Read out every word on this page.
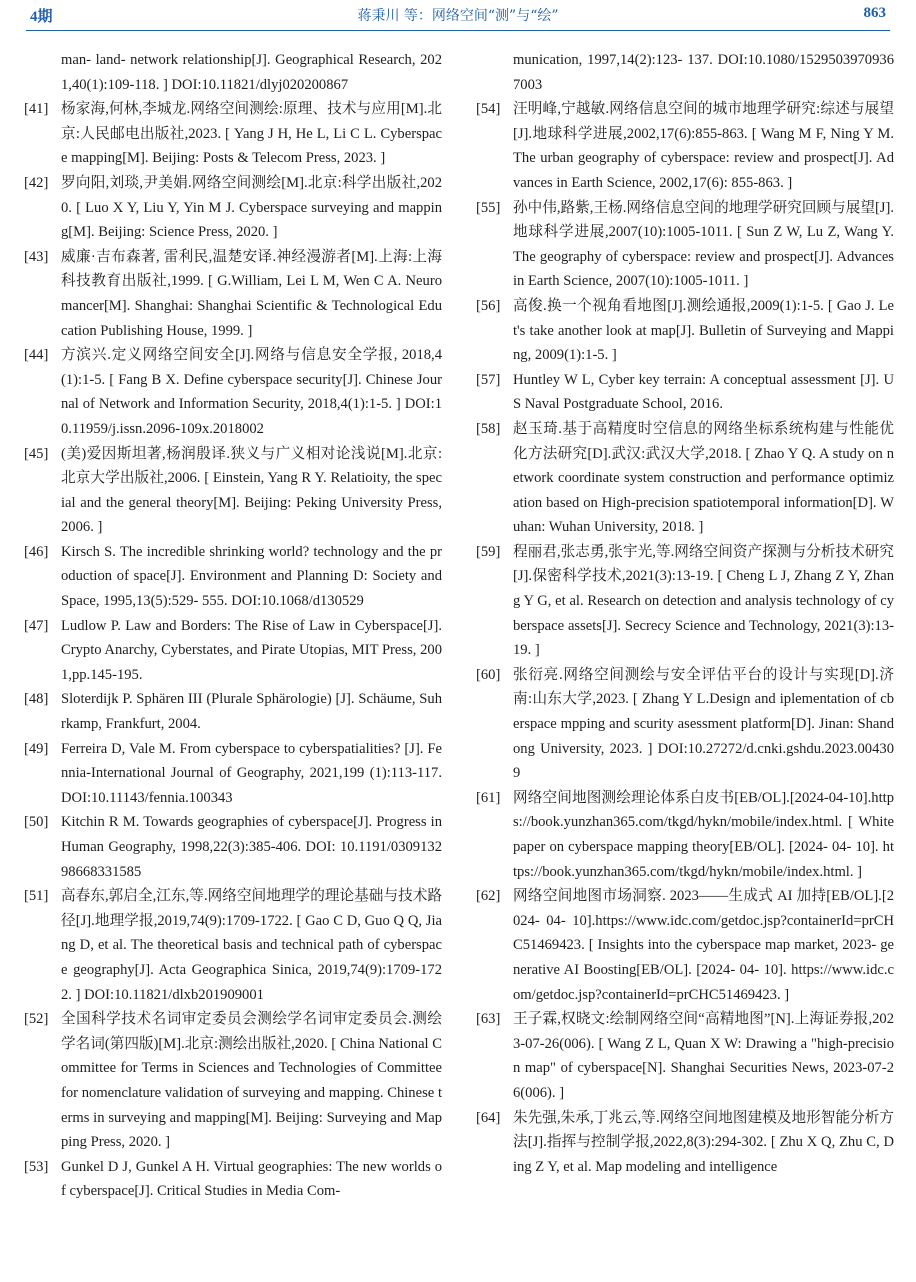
4期	蒋秉川 等：网络空间“测”与“绘”	863
man- land- network relationship[J]. Geographical Research, 2021,40(1):109-118. ] DOI:10.11821/dlyj020200867
[41] 杨家海,何林,李城龙.网络空间测绘:原理、技术与应用[M].北京:人民邮电出版社,2023. [ Yang J H, He L, Li C L. Cyberspace mapping[M]. Beijing: Posts & Telecom Press, 2023. ]
[42] 罗向阳,刘琰,尹美娟.网络空间测绘[M].北京:科学出版社,2020. [ Luo X Y, Liu Y, Yin M J. Cyberspace surveying and mapping[M]. Beijing: Science Press, 2020. ]
[43] 威廉·吉布森著, 雷利民,温楚安译.神经漫游者[M].上海:上海科技教育出版社,1999. [ G.William, Lei L M, Wen C A. Neuromancer[M]. Shanghai: Shanghai Scientific & Technological Education Publishing House, 1999. ]
[44] 方滨兴.定义网络空间安全[J].网络与信息安全学报, 2018,4(1):1-5. [ Fang B X. Define cyberspace security[J]. Chinese Journal of Network and Information Security, 2018,4(1):1-5. ] DOI:10.11959/j.issn.2096-109x.2018002
[45] (美)爱因斯坦著,杨润殷译.狭义与广义相对论浅说[M].北京:北京大学出版社,2006. [ Einstein, Yang R Y. Relatioity, the special and the general theory[M]. Beijing: Peking University Press, 2006. ]
[46] Kirsch S. The incredible shrinking world? technology and the production of space[J]. Environment and Planning D: Society and Space, 1995,13(5):529- 555. DOI:10.1068/d130529
[47] Ludlow P. Law and Borders: The Rise of Law in Cyberspace[J]. Crypto Anarchy, Cyberstates, and Pirate Utopias, MIT Press, 2001,pp.145-195.
[48] Sloterdijk P. Sphären III (Plurale Sphärologie) [J]. Schäume, Suhrkamp, Frankfurt, 2004.
[49] Ferreira D, Vale M. From cyberspace to cyberspatialities? [J]. Fennia-International Journal of Geography, 2021,199 (1):113-117. DOI:10.11143/fennia.100343
[50] Kitchin R M. Towards geographies of cyberspace[J]. Progress in Human Geography, 1998,22(3):385-406. DOI: 10.1191/030913298668331585
[51] 高春东,郭启全,江东,等.网络空间地理学的理论基础与技术路径[J].地理学报,2019,74(9):1709-1722. [ Gao C D, Guo Q Q, Jiang D, et al. The theoretical basis and technical path of cyberspace geography[J]. Acta Geographica Sinica, 2019,74(9):1709-1722. ] DOI:10.11821/dlxb201909001
[52] 全国科学技术名词审定委员会测绘学名词审定委员会.测绘学名词(第四版)[M].北京:测绘出版社,2020. [ China National Committee for Terms in Sciences and Technologies of Committee for nomenclature validation of surveying and mapping. Chinese terms in surveying and mapping[M]. Beijing: Surveying and Mapping Press, 2020. ]
[53] Gunkel D J, Gunkel A H. Virtual geographies: The new worlds of cyberspace[J]. Critical Studies in Media Com-
munication, 1997,14(2):123- 137. DOI:10.1080/15295039709367003
[54] 汪明峰,宁越敏.网络信息空间的城市地理学研究:综述与展望[J].地球科学进展,2002,17(6):855-863. [ Wang M F, Ning Y M. The urban geography of cyberspace: review and prospect[J]. Advances in Earth Science, 2002,17(6): 855-863. ]
[55] 孙中伟,路紫,王杨.网络信息空间的地理学研究回顾与展望[J].地球科学进展,2007(10):1005-1011. [ Sun Z W, Lu Z, Wang Y. The geography of cyberspace: review and prospect[J]. Advances in Earth Science, 2007(10):1005-1011. ]
[56] 高俊.换一个视角看地图[J].测绘通报,2009(1):1-5. [ Gao J. Let's take another look at map[J]. Bulletin of Surveying and Mapping, 2009(1):1-5. ]
[57] Huntley W L, Cyber key terrain: A conceptual assessment [J]. US Naval Postgraduate School, 2016.
[58] 赵玉琦.基于高精度时空信息的网络坐标系统构建与性能优化方法研究[D].武汉:武汉大学,2018. [ Zhao Y Q. A study on network coordinate system construction and performance optimization based on High-precision spatiotemporal information[D]. Wuhan: Wuhan University, 2018. ]
[59] 程丽君,张志勇,张宇光,等.网络空间资产探测与分析技术研究[J].保密科学技术,2021(3):13-19. [ Cheng L J, Zhang Z Y, Zhang Y G, et al. Research on detection and analysis technology of cyberspace assets[J]. Secrecy Science and Technology, 2021(3):13-19. ]
[60] 张衍亮.网络空间测绘与安全评估平台的设计与实现[D].济南:山东大学,2023. [ Zhang Y L.Design and iplementation of cberspace mpping and scurity asessment platform[D]. Jinan: Shandong University, 2023. ] DOI:10.27272/d.cnki.gshdu.2023.004309
[61] 网络空间地图测绘理论体系白皮书[EB/OL].[2024-04-10].https://book.yunzhan365.com/tkgd/hykn/mobile/index.html. [ White paper on cyberspace mapping theory[EB/OL]. [2024- 04- 10]. https://book.yunzhan365.com/tkgd/hykn/mobile/index.html. ]
[62] 网络空间地图市场洞察. 2023——生成式 AI 加持[EB/OL].[2024- 04- 10].https://www.idc.com/getdoc.jsp?containerId=prCHC51469423. [ Insights into the cyberspace map market, 2023- generative AI Boosting[EB/OL]. [2024- 04- 10]. https://www.idc.com/getdoc.jsp?containerId=prCHC51469423. ]
[63] 王子霖,权晓文:绘制网络空间“高精地图”[N].上海证券报,2023-07-26(006). [ Wang Z L, Quan X W: Drawing a "high-precision map" of cyberspace[N]. Shanghai Securities News, 2023-07-26(006). ]
[64] 朱先强,朱承,丁兆云,等.网络空间地图建模及地形智能分析方法[J].指挥与控制学报,2022,8(3):294-302. [ Zhu X Q, Zhu C, Ding Z Y, et al. Map modeling and intelligence
